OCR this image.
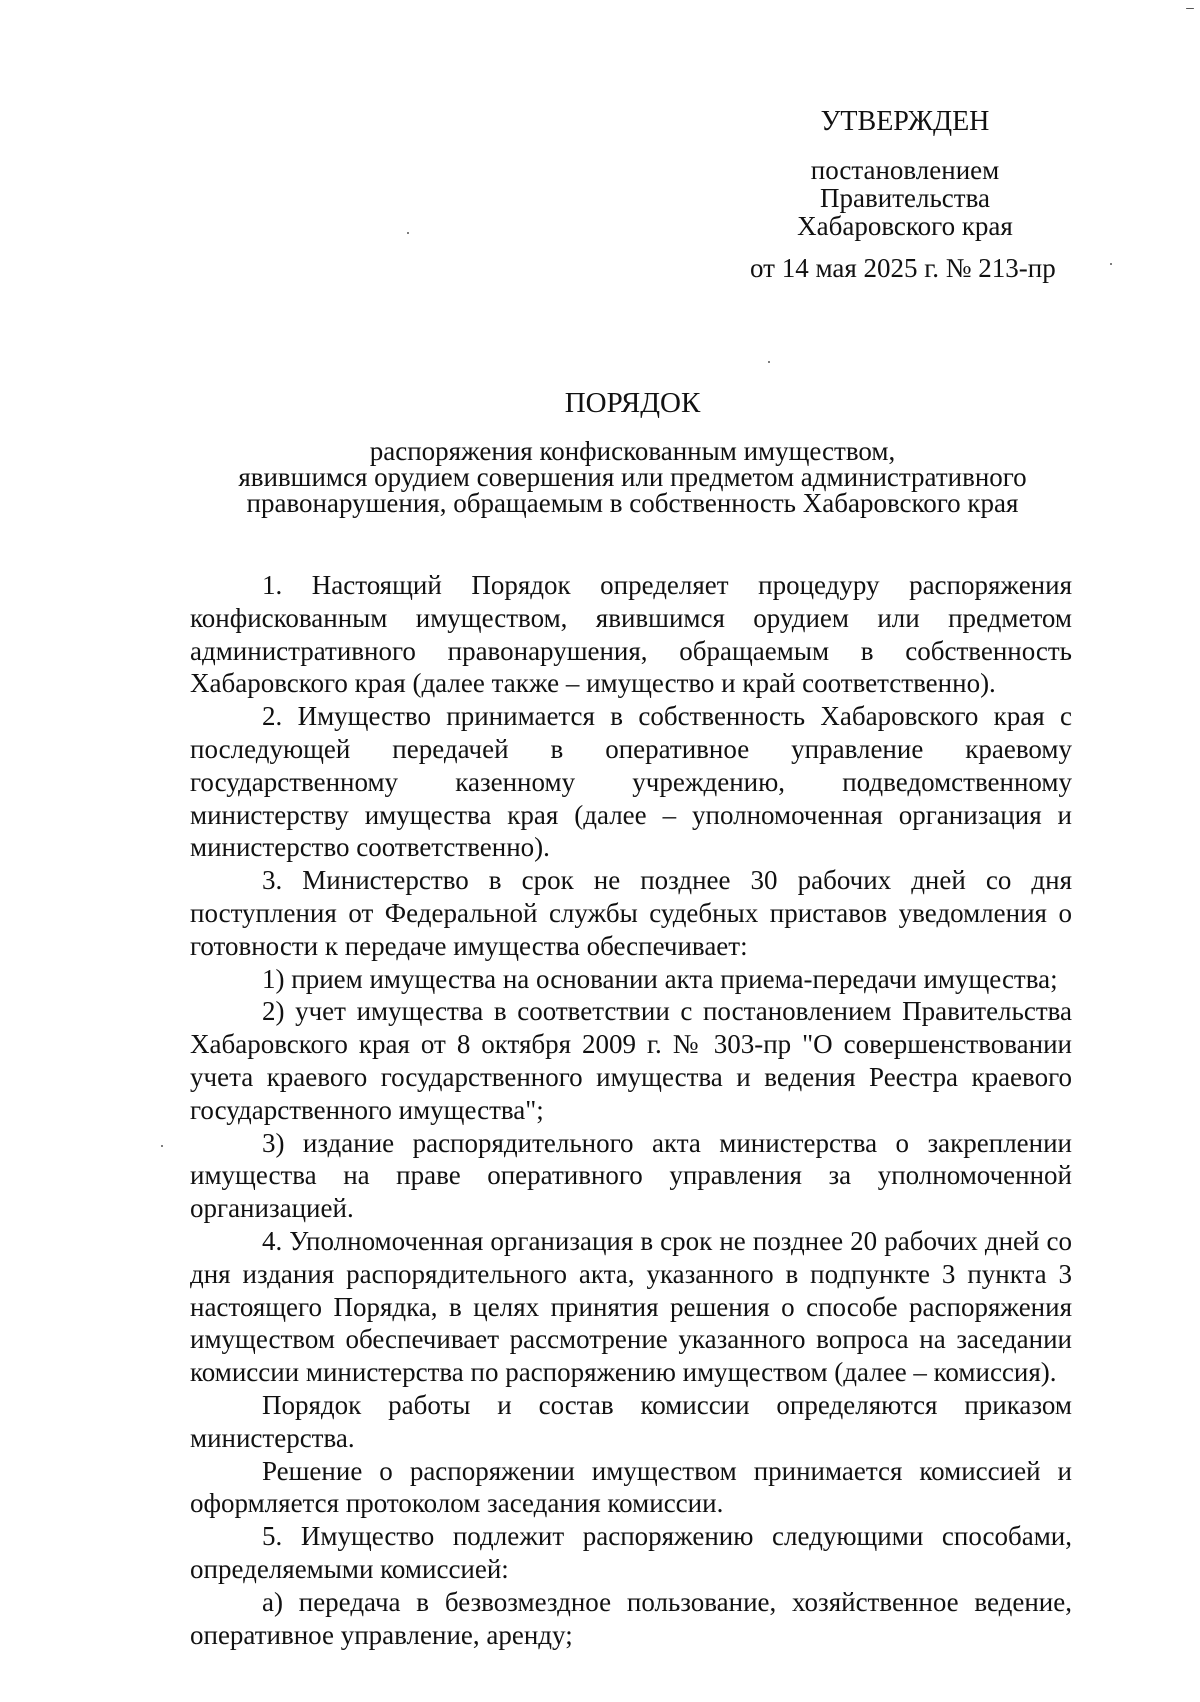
УТВЕРЖДЕН
постановлением
Правительства
Хабаровского края
от 14 мая 2025 г. № 213-пр
ПОРЯДОК
распоряжения конфискованным имуществом,
явившимся орудием совершения или предметом административного
правонарушения, обращаемым в собственность Хабаровского края

1. Настоящий Порядок определяет процедуру распоряжения конфискованным имуществом, явившимся орудием или предметом административного правонарушения, обращаемым в собственность Хабаровского края (далее также – имущество и край соответственно).

2. Имущество принимается в собственность Хабаровского края с последующей передачей в оперативное управление краевому государственному казенному учреждению, подведомственному министерству имущества края (далее – уполномоченная организация и министерство соответственно).

3. Министерство в срок не позднее 30 рабочих дней со дня поступления от Федеральной службы судебных приставов уведомления о готовности к передаче имущества обеспечивает:

1) прием имущества на основании акта приема-передачи имущества;

2) учет имущества в соответствии с постановлением Правительства Хабаровского края от 8 октября 2009 г. № 303-пр "О совершенствовании учета краевого государственного имущества и ведения Реестра краевого государственного имущества";

3) издание распорядительного акта министерства о закреплении имущества на праве оперативного управления за уполномоченной организацией.

4. Уполномоченная организация в срок не позднее 20 рабочих дней со дня издания распорядительного акта, указанного в подпункте 3 пункта 3 настоящего Порядка, в целях принятия решения о способе распоряжения имуществом обеспечивает рассмотрение указанного вопроса на заседании комиссии министерства по распоряжению имуществом (далее – комиссия).

Порядок работы и состав комиссии определяются приказом министерства.

Решение о распоряжении имуществом принимается комиссией и оформляется протоколом заседания комиссии.

5. Имущество подлежит распоряжению следующими способами, определяемыми комиссией:

а) передача в безвозмездное пользование, хозяйственное ведение, оперативное управление, аренду;
